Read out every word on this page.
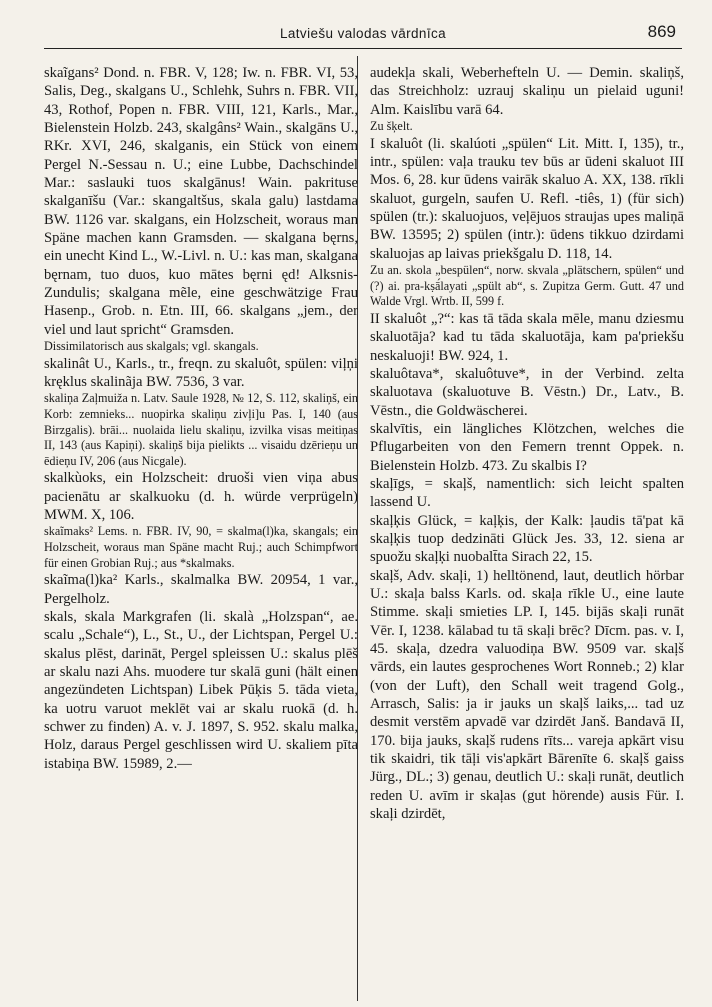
Latviešu valodas vārdnīca	869

skaĩgans² Dond. n. FBR. V, 128; Iw. n. FBR. VI, 53, Salis, Deg., skalgans U., Schlehk, Suhrs n. FBR. VII, 43, Rothof, Popen n. FBR. VIII, 121, Karls., Mar., Bielenstein Holzb. 243, skalgâns² Wain., skalgāns U., RKr. XVI, 246, skalganis, ein Stück von einem Pergel N.-Sessau n. U.; eine Lubbe, Dachschindel Mar.: saslauki tuos skalgānus! Wain. pakrituse skalganīšu (Var.: skangaltšus, skala galu) lastdama BW. 1126 var. skalgans, ein Holzscheit, woraus man Späne machen kann Gramsden. — skalgana bęrns, ein unecht Kind L., W.-Livl. n. U.: kas man, skalgana bęrnam, tuo duos, kuo mātes bęrni ęd! Alksnis-Zundulis; skalgana mẽle, eine geschwätzige Frau Hasenp., Grob. n. Etn. III, 66. skalgans „jem., der viel und laut spricht“ Gramsden.

Dissimilatorisch aus skalgals; vgl. skangals.

skalinât U., Karls., tr., freqn. zu skaluôt, spülen: viļņi kręklus skalinãja BW. 7536, 3 var.

skaliņa Zaļmuiža n. Latv. Saule 1928, № 12, S. 112, skaliņš, ein Korb: zemnieks... nuopirka skaliņu zivļi]u Pas. I, 140 (aus Birzgalis). brāi... nuolaida lielu skaliņu, izvilka visas meitiņas II, 143 (aus Kapiņi). skaliņš bija pielikts ... visaidu dzērieņu un ēdieņu IV, 206 (aus Nicgale).

skalkùoks, ein Holzscheit: druoši vien viņa abus pacienātu ar skalkuoku (d. h. würde verprügeln) MWM. X, 106.

skaĩmaks² Lems. n. FBR. IV, 90, = skalma(l)ka, skangals; ein Holzscheit, woraus man Späne macht Ruj.; auch Schimpfwort für einen Grobian Ruj.; aus *skalmaks.

skaĩma(l)ka² Karls., skalmalka BW. 20954, 1 var., Pergelholz.

skals, skala Markgrafen (li. skalà „Holzspan“, ae. scalu „Schale“), L., St., U., der Lichtspan, Pergel U.: skalus plēst, darināt, Pergel spleissen U.: skalus plēš ar skalu nazi Ahs. muodere tur skalā guni (hält einen angezündeten Lichtspan) Libek Pūķis 5. tāda vieta, ka uotru varuot meklēt vai ar skalu ruokā (d. h. schwer zu finden) A. v. J. 1897, S. 952. skalu malka, Holz, daraus Pergel geschlissen wird U. skaliem pīta istabiņa BW. 15989, 2.—

audekļa skali, Weberhefteln U. — Demin. skaliņš, das Streichholz: uzrauj skaliņu un pielaid uguni! Alm. Kaislību varā 64.

Zu šķelt.

I skaluôt (li. skalúoti „spülen“ Lit. Mitt. I, 135), tr., intr., spülen: vaļa trauku tev būs ar ūdeni skaluot III Mos. 6, 28. kur ūdens vairāk skaluo A. XX, 138. rīkli skaluot, gurgeln, saufen U. Refl. -tiês, 1) (für sich) spülen (tr.): skaluojuos, veļējuos straujas upes maliņā BW. 13595; 2) spülen (intr.): ūdens tikkuo dzirdami skaluojas ap laivas priekšgalu D. 118, 14.

Zu an. skola „bespülen“, norw. skvala „plätschern, spülen“ und (?) ai. pra-kṣā́layati „spült ab“, s. Zupitza Germ. Gutt. 47 und Walde Vrgl. Wrtb. II, 599 f.

II skaluôt „?“: kas tā tāda skala mēle, manu dziesmu skaluotāja? kad tu tāda skaluotāja, kam pa'priekšu neskaluoji! BW. 924, 1.

skaluôtava*, skaluôtuve*, in der Verbind. zelta skaluotava (skaluotuve B. Vēstn.) Dr., Latv., B. Vēstn., die Goldwäscherei.

skalvītis, ein längliches Klötzchen, welches die Pflugarbeiten von den Femern trennt Oppek. n. Bielenstein Holzb. 473. Zu skalbis I?

skaļīgs, = skaļš, namentlich: sich leicht spalten lassend U.

skaļķis Glück, = kaļķis, der Kalk: ļaudis tā'pat kā skaļķis tuop dedzināti Glück Jes. 33, 12. siena ar spuožu skaļķi nuobalt̄ta Sirach 22, 15.

skaļš, Adv. skaļi, 1) helltönend, laut, deutlich hörbar U.: skaļa balss Karls. od. skaļa rīkle U., eine laute Stimme. skaļi smieties LP. I, 145. bijās skaļi runāt Vēr. I, 1238. kālabad tu tā skaļi brēc? Dīcm. pas. v. I, 45. skaļa, dzedra valuodiņa BW. 9509 var. skaļš vārds, ein lautes gesprochenes Wort Ronneb.; 2) klar (von der Luft), den Schall weit tragend Golg., Arrasch, Salis: ja ir jauks un skaļš laiks,... tad uz desmit verstēm apvadē var dzirdēt Janš. Bandavā II, 170. bija jauks, skaļš rudens rīts... vareja apkārt visu tik skaidri, tik tāļi vis'apkārt Bārenīte 6. skaļš gaiss Jürg., DL.; 3) genau, deutlich U.: skaļi runāt, deutlich reden U. avīm ir skaļas (gut hörende) ausis Für. I. skaļi dzirdēt,
